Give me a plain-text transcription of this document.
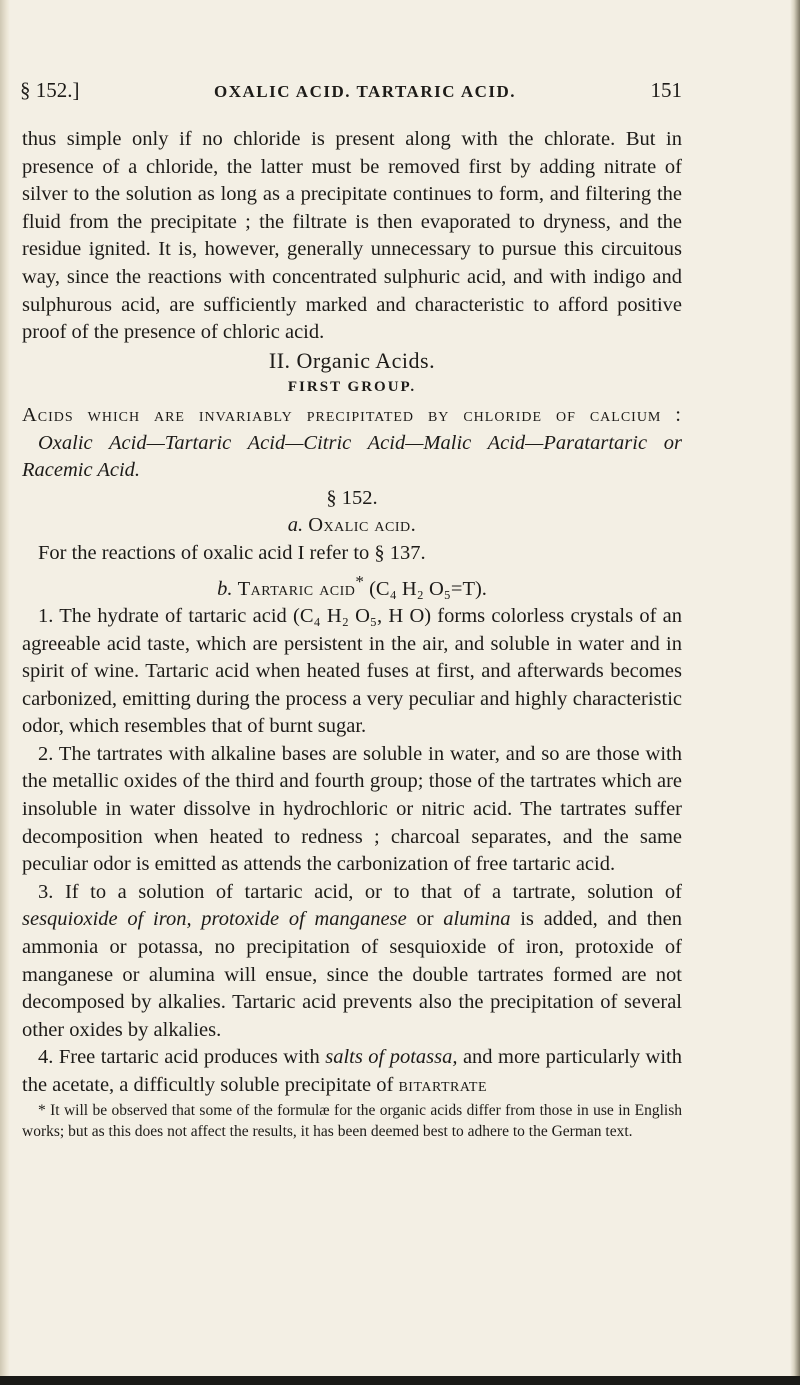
§ 152.]	OXALIC ACID. TARTARIC ACID.	151

thus simple only if no chloride is present along with the chlorate. But in presence of a chloride, the latter must be removed first by adding nitrate of silver to the solution as long as a precipitate continues to form, and filtering the fluid from the precipitate ; the filtrate is then evaporated to dryness, and the residue ignited. It is, however, generally unnecessary to pursue this circuitous way, since the reactions with concentrated sulphuric acid, and with indigo and sulphurous acid, are sufficiently marked and characteristic to afford positive proof of the presence of chloric acid.

II. Organic Acids.

FIRST GROUP.

Acids which are invariably precipitated by chloride of calcium : Oxalic Acid—Tartaric Acid—Citric Acid—Malic Acid—Paratartaric or Racemic Acid.

§ 152.

a. Oxalic acid.

For the reactions of oxalic acid I refer to § 137.

b. Tartaric acid* (C₄ H₂ O₅=T).

1. The hydrate of tartaric acid (C₄ H₂ O₅, H O) forms colorless crystals of an agreeable acid taste, which are persistent in the air, and soluble in water and in spirit of wine. Tartaric acid when heated fuses at first, and afterwards becomes carbonized, emitting during the process a very peculiar and highly characteristic odor, which resembles that of burnt sugar.

2. The tartrates with alkaline bases are soluble in water, and so are those with the metallic oxides of the third and fourth group; those of the tartrates which are insoluble in water dissolve in hydrochloric or nitric acid. The tartrates suffer decomposition when heated to redness ; charcoal separates, and the same peculiar odor is emitted as attends the carbonization of free tartaric acid.

3. If to a solution of tartaric acid, or to that of a tartrate, solution of sesquioxide of iron, protoxide of manganese or alumina is added, and then ammonia or potassa, no precipitation of sesquioxide of iron, protoxide of manganese or alumina will ensue, since the double tartrates formed are not decomposed by alkalies. Tartaric acid prevents also the precipitation of several other oxides by alkalies.

4. Free tartaric acid produces with salts of potassa, and more particularly with the acetate, a difficultly soluble precipitate of bitartrate

* It will be observed that some of the formulæ for the organic acids differ from those in use in English works; but as this does not affect the results, it has been deemed best to adhere to the German text.
